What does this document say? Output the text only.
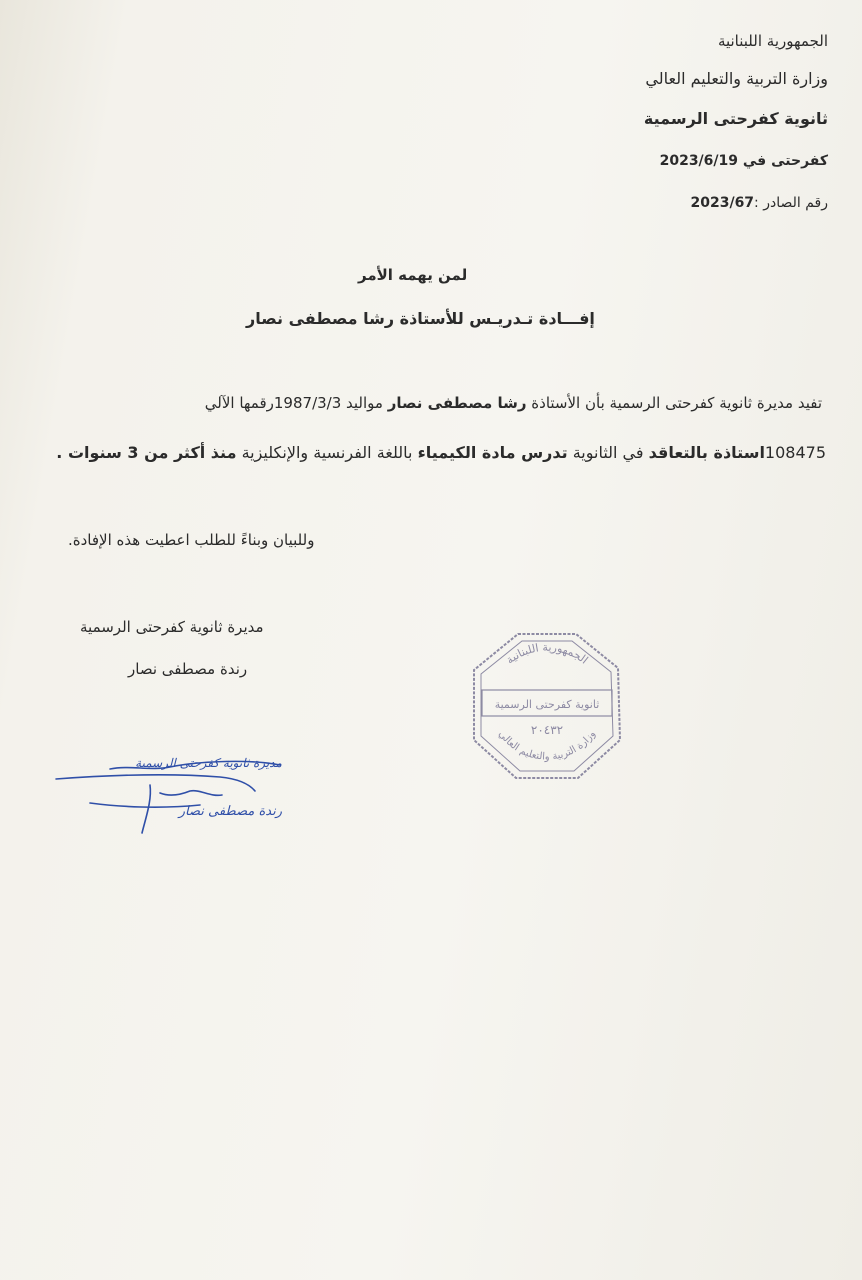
الجمهورية اللبنانية
وزارة التربية والتعليم العالي
ثانوية كفرحتى الرسمية
كفرحتى في 2023/6/19
رقم الصادر :2023/67
لمن يهمه الأمر
إفـــادة تـدريـس للأستاذة رشا مصطفى نصار
تفيد مديرة ثانوية كفرحتى الرسمية بأن الأستاذة رشا مصطفى نصار مواليد 1987/3/3رقمها الآلي
108475استاذة بالتعاقد في الثانوية تدرس مادة الكيمياء باللغة الفرنسية والإنكليزية منذ أكثر من 3 سنوات .
وللبيان وبناءً للطلب اعطيت هذه الإفادة.
مديرة ثانوية كفرحتى الرسمية
رندة مصطفى نصار
مديرة ثانوية كفرحتى الرسمية
رندة مصطفى نصار
الجمهورية اللبنانية
ثانوية كفرحتى الرسمية
٢٠٤٣٢
وزارة التربية والتعليم العالي
